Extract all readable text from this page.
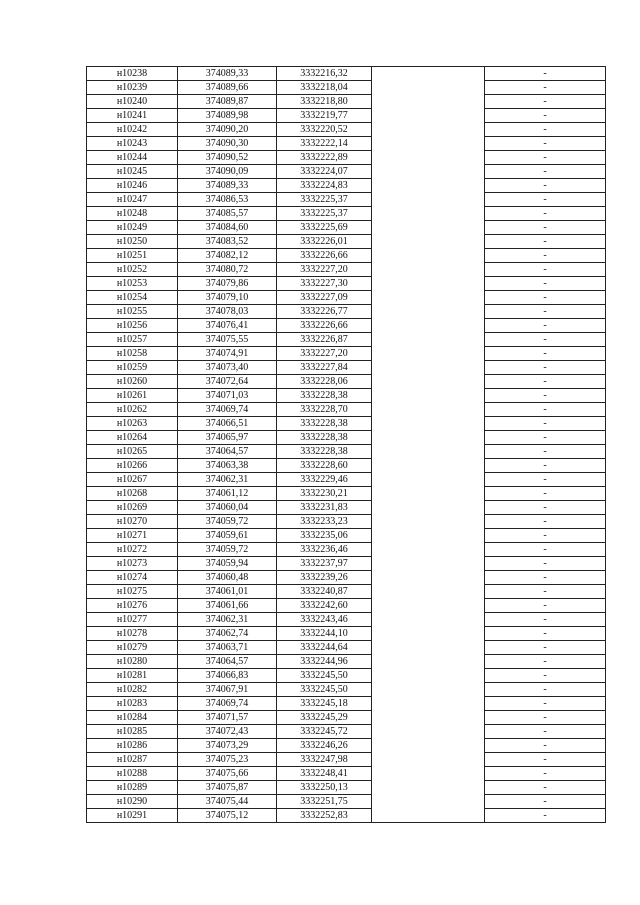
н10238	374089,33	3332216,32		-
н10239	374089,66	3332218,04		-
н10240	374089,87	3332218,80		-
н10241	374089,98	3332219,77		-
н10242	374090,20	3332220,52		-
н10243	374090,30	3332222,14		-
н10244	374090,52	3332222,89		-
н10245	374090,09	3332224,07		-
н10246	374089,33	3332224,83		-
н10247	374086,53	3332225,37		-
н10248	374085,57	3332225,37		-
н10249	374084,60	3332225,69		-
н10250	374083,52	3332226,01		-
н10251	374082,12	3332226,66		-
н10252	374080,72	3332227,20		-
н10253	374079,86	3332227,30		-
н10254	374079,10	3332227,09		-
н10255	374078,03	3332226,77		-
н10256	374076,41	3332226,66		-
н10257	374075,55	3332226,87		-
н10258	374074,91	3332227,20		-
н10259	374073,40	3332227,84		-
н10260	374072,64	3332228,06		-
н10261	374071,03	3332228,38		-
н10262	374069,74	3332228,70		-
н10263	374066,51	3332228,38		-
н10264	374065,97	3332228,38		-
н10265	374064,57	3332228,38		-
н10266	374063,38	3332228,60		-
н10267	374062,31	3332229,46		-
н10268	374061,12	3332230,21		-
н10269	374060,04	3332231,83		-
н10270	374059,72	3332233,23		-
н10271	374059,61	3332235,06		-
н10272	374059,72	3332236,46		-
н10273	374059,94	3332237,97		-
н10274	374060,48	3332239,26		-
н10275	374061,01	3332240,87		-
н10276	374061,66	3332242,60		-
н10277	374062,31	3332243,46		-
н10278	374062,74	3332244,10		-
н10279	374063,71	3332244,64		-
н10280	374064,57	3332244,96		-
н10281	374066,83	3332245,50		-
н10282	374067,91	3332245,50		-
н10283	374069,74	3332245,18		-
н10284	374071,57	3332245,29		-
н10285	374072,43	3332245,72		-
н10286	374073,29	3332246,26		-
н10287	374075,23	3332247,98		-
н10288	374075,66	3332248,41		-
н10289	374075,87	3332250,13		-
н10290	374075,44	3332251,75		-
н10291	374075,12	3332252,83		-
